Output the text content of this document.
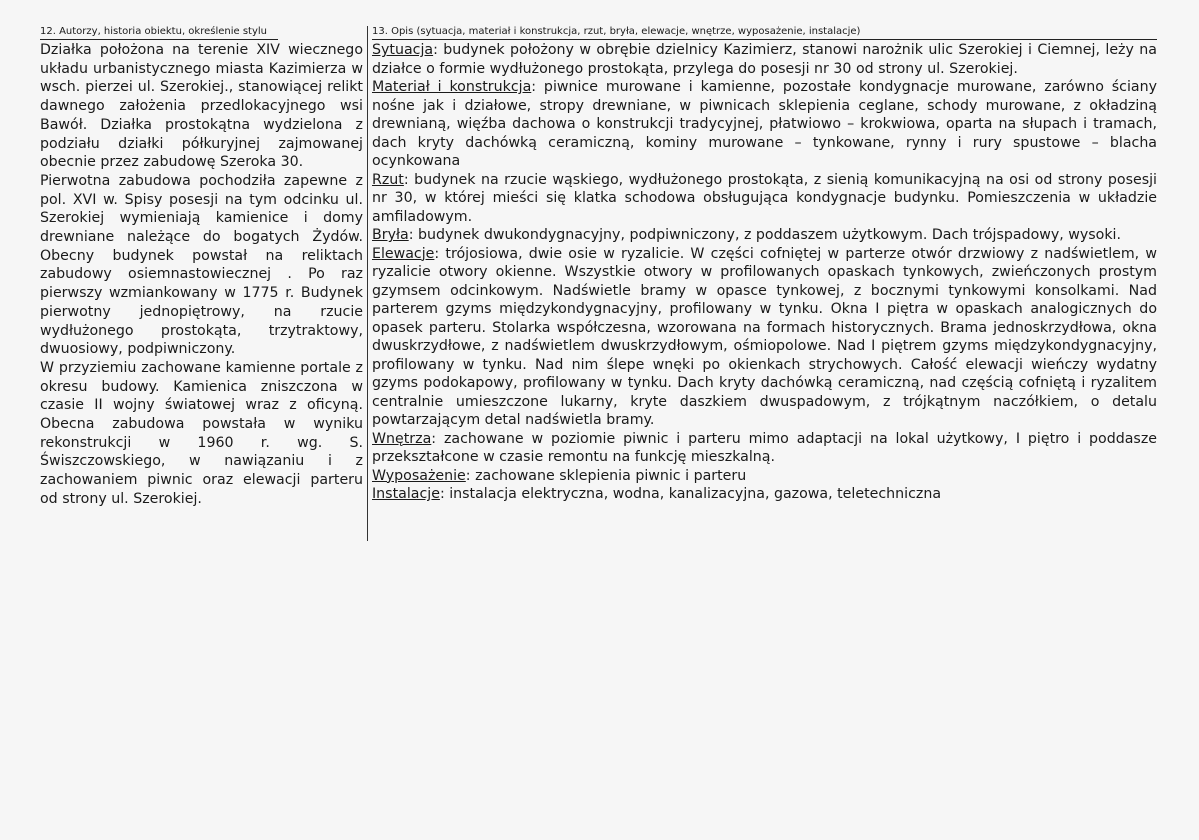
12. Autorzy, historia obiektu, określenie stylu

Działka położona na terenie XIV wiecznego układu urbanistycznego miasta Kazimierza w wsch. pierzei ul. Szerokiej., stanowiącej relikt dawnego założenia przedlokacyjnego wsi Bawół. Działka prostokątna wydzielona z podziału działki półkuryjnej zajmowanej obecnie przez zabudowę Szeroka 30.

Pierwotna zabudowa pochodziła zapewne z pol. XVI w. Spisy posesji na tym odcinku ul. Szerokiej wymieniają kamienice i domy drewniane należące do bogatych Żydów. Obecny budynek powstał na reliktach zabudowy osiemnastowiecznej . Po raz pierwszy wzmiankowany w 1775 r. Budynek pierwotny jednopiętrowy, na rzucie wydłużonego prostokąta, trzytraktowy, dwuosiowy, podpiwniczony.

W przyziemiu zachowane kamienne portale z okresu budowy. Kamienica zniszczona w czasie II wojny światowej wraz z oficyną. Obecna zabudowa powstała w wyniku rekonstrukcji w 1960 r. wg. S. Świszczowskiego, w nawiązaniu i z zachowaniem piwnic oraz elewacji parteru od strony ul. Szerokiej.

13. Opis (sytuacja, materiał i konstrukcja, rzut, bryła, elewacje, wnętrze, wyposażenie, instalacje)

Sytuacja: budynek położony w obrębie dzielnicy Kazimierz, stanowi narożnik ulic Szerokiej i Ciemnej, leży na działce o formie wydłużonego prostokąta, przylega do posesji nr 30 od strony ul. Szerokiej.

Materiał i konstrukcja: piwnice murowane i kamienne, pozostałe kondygnacje murowane, zarówno ściany nośne jak i działowe, stropy drewniane, w piwnicach sklepienia ceglane, schody murowane, z okładziną drewnianą, więźba dachowa o konstrukcji tradycyjnej, płatwiowo – krokwiowa, oparta na słupach i tramach, dach kryty dachówką ceramiczną, kominy murowane – tynkowane, rynny i rury spustowe – blacha ocynkowana

Rzut: budynek na rzucie wąskiego, wydłużonego prostokąta, z sienią komunikacyjną na osi od strony posesji nr 30, w której mieści się klatka schodowa obsługująca kondygnacje budynku. Pomieszczenia w układzie amfiladowym.

Bryła: budynek dwukondygnacyjny, podpiwniczony, z poddaszem użytkowym. Dach trójspadowy, wysoki.

Elewacje: trójosiowa, dwie osie w ryzalicie. W części cofniętej w parterze otwór drzwiowy z nadświetlem, w ryzalicie otwory okienne. Wszystkie otwory w profilowanych opaskach tynkowych, zwieńczonych prostym gzymsem odcinkowym. Nadświetle bramy w opasce tynkowej, z bocznymi tynkowymi konsolkami. Nad parterem gzyms międzykondygnacyjny, profilowany w tynku. Okna I piętra w opaskach analogicznych do opasek parteru. Stolarka współczesna, wzorowana na formach historycznych. Brama jednoskrzydłowa, okna dwuskrzydłowe, z nadświetlem dwuskrzydłowym, ośmiopolowe. Nad I piętrem gzyms międzykondygnacyjny, profilowany w tynku. Nad nim ślepe wnęki po okienkach strychowych. Całość elewacji wieńczy wydatny gzyms podokapowy, profilowany w tynku. Dach kryty dachówką ceramiczną, nad częścią cofniętą i ryzalitem centralnie umieszczone lukarny, kryte daszkiem dwuspadowym, z trójkątnym naczółkiem, o detalu powtarzającym detal nadświetla bramy.

Wnętrza: zachowane w poziomie piwnic i parteru mimo adaptacji na lokal użytkowy, I piętro i poddasze przekształcone w czasie remontu na funkcję mieszkalną.

Wyposażenie: zachowane sklepienia piwnic i parteru

Instalacje: instalacja elektryczna, wodna, kanalizacyjna, gazowa, teletechniczna
